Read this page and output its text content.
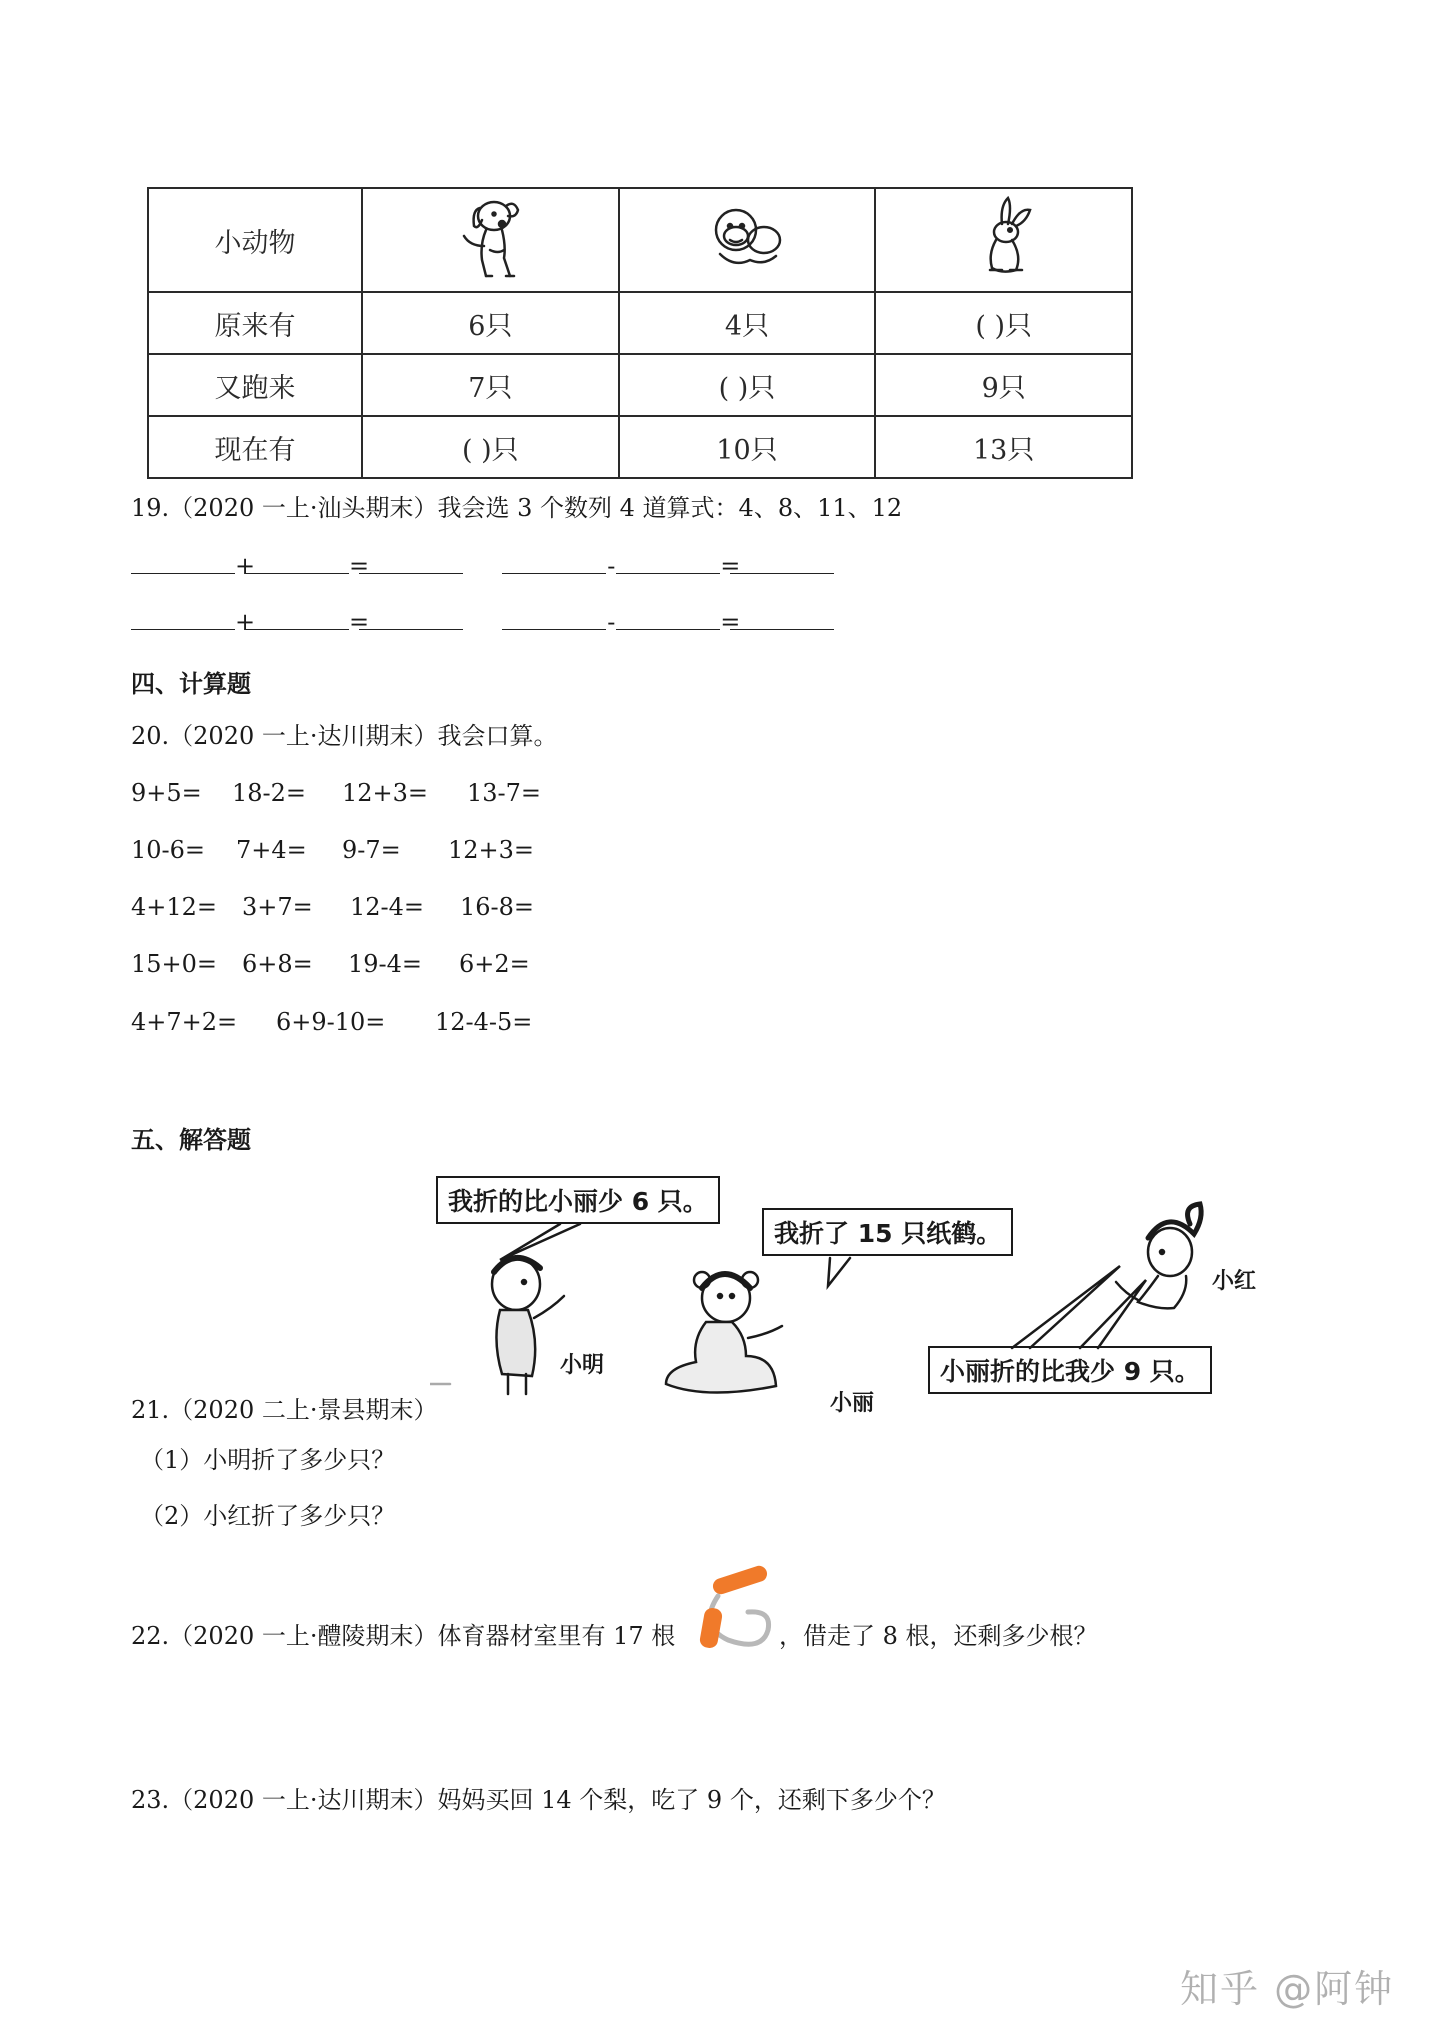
小动物			
原来有	6只	4只	( )只
又跑来	7只	( )只	9只
现在有	( )只	10只	13只
19.（2020 一上·汕头期末）我会选 3 个数列 4 道算式：4、8、11、12
+	=	-	=
+	=	-	=
四、计算题
20.（2020 一上·达川期末）我会口算。
9+5= 18-2= 12+3= 13-7=
10-6= 7+4= 9-7= 12+3=
4+12= 3+7= 12-4= 16-8=
15+0= 6+8= 19-4= 6+2=
4+7+2= 6+9-10= 12-4-5=
五、解答题
我折的比小丽少 6 只。
我折了 15 只纸鹤。
小丽折的比我少 9 只。
小明
小丽
小红
21.（2020 二上·景县期末）
（1）小明折了多少只？
（2）小红折了多少只？
22.（2020 一上·醴陵期末）体育器材室里有 17 根	，借走了 8 根，还剩多少根？
23.（2020 一上·达川期末）妈妈买回 14 个梨，吃了 9 个，还剩下多少个？
知乎 @阿钟
